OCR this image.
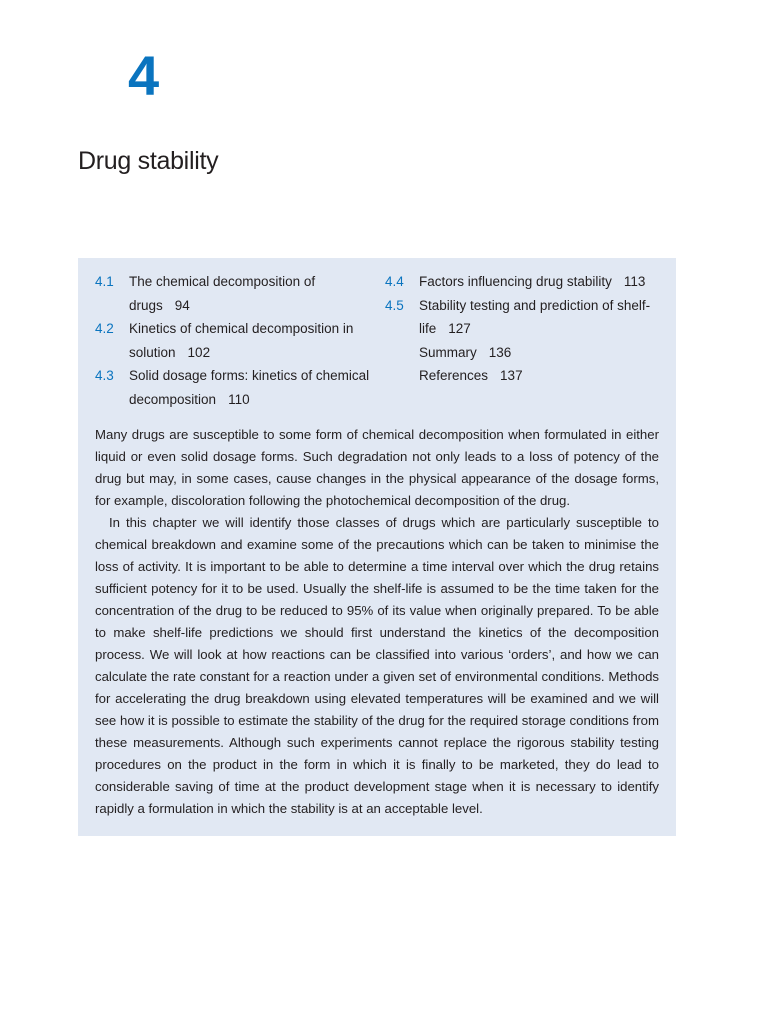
4
Drug stability
4.1 The chemical decomposition of
drugs 94
4.2 Kinetics of chemical decomposition in
solution 102
4.3 Solid dosage forms: kinetics of chemical
decomposition 110
4.4 Factors influencing drug stability 113
4.5 Stability testing and prediction of shelf-
life 127
Summary 136
References 137

Many drugs are susceptible to some form of chemical decomposition when formulated in either liquid or even solid dosage forms. Such degradation not only leads to a loss of potency of the drug but may, in some cases, cause changes in the physical appearance of the dosage forms, for example, discoloration following the photochemical decomposition of the drug.

In this chapter we will identify those classes of drugs which are particularly susceptible to chemical breakdown and examine some of the precautions which can be taken to minimise the loss of activity. It is important to be able to determine a time interval over which the drug retains sufficient potency for it to be used. Usually the shelf-life is assumed to be the time taken for the concentration of the drug to be reduced to 95% of its value when originally prepared. To be able to make shelf-life predictions we should first understand the kinetics of the decomposition process. We will look at how reactions can be classified into various ‘orders’, and how we can calculate the rate constant for a reaction under a given set of environmental conditions. Methods for accelerating the drug breakdown using elevated temperatures will be examined and we will see how it is possible to estimate the stability of the drug for the required storage conditions from these measurements. Although such experiments cannot replace the rigorous stability testing procedures on the product in the form in which it is finally to be marketed, they do lead to considerable saving of time at the product development stage when it is necessary to identify rapidly a formulation in which the stability is at an acceptable level.
